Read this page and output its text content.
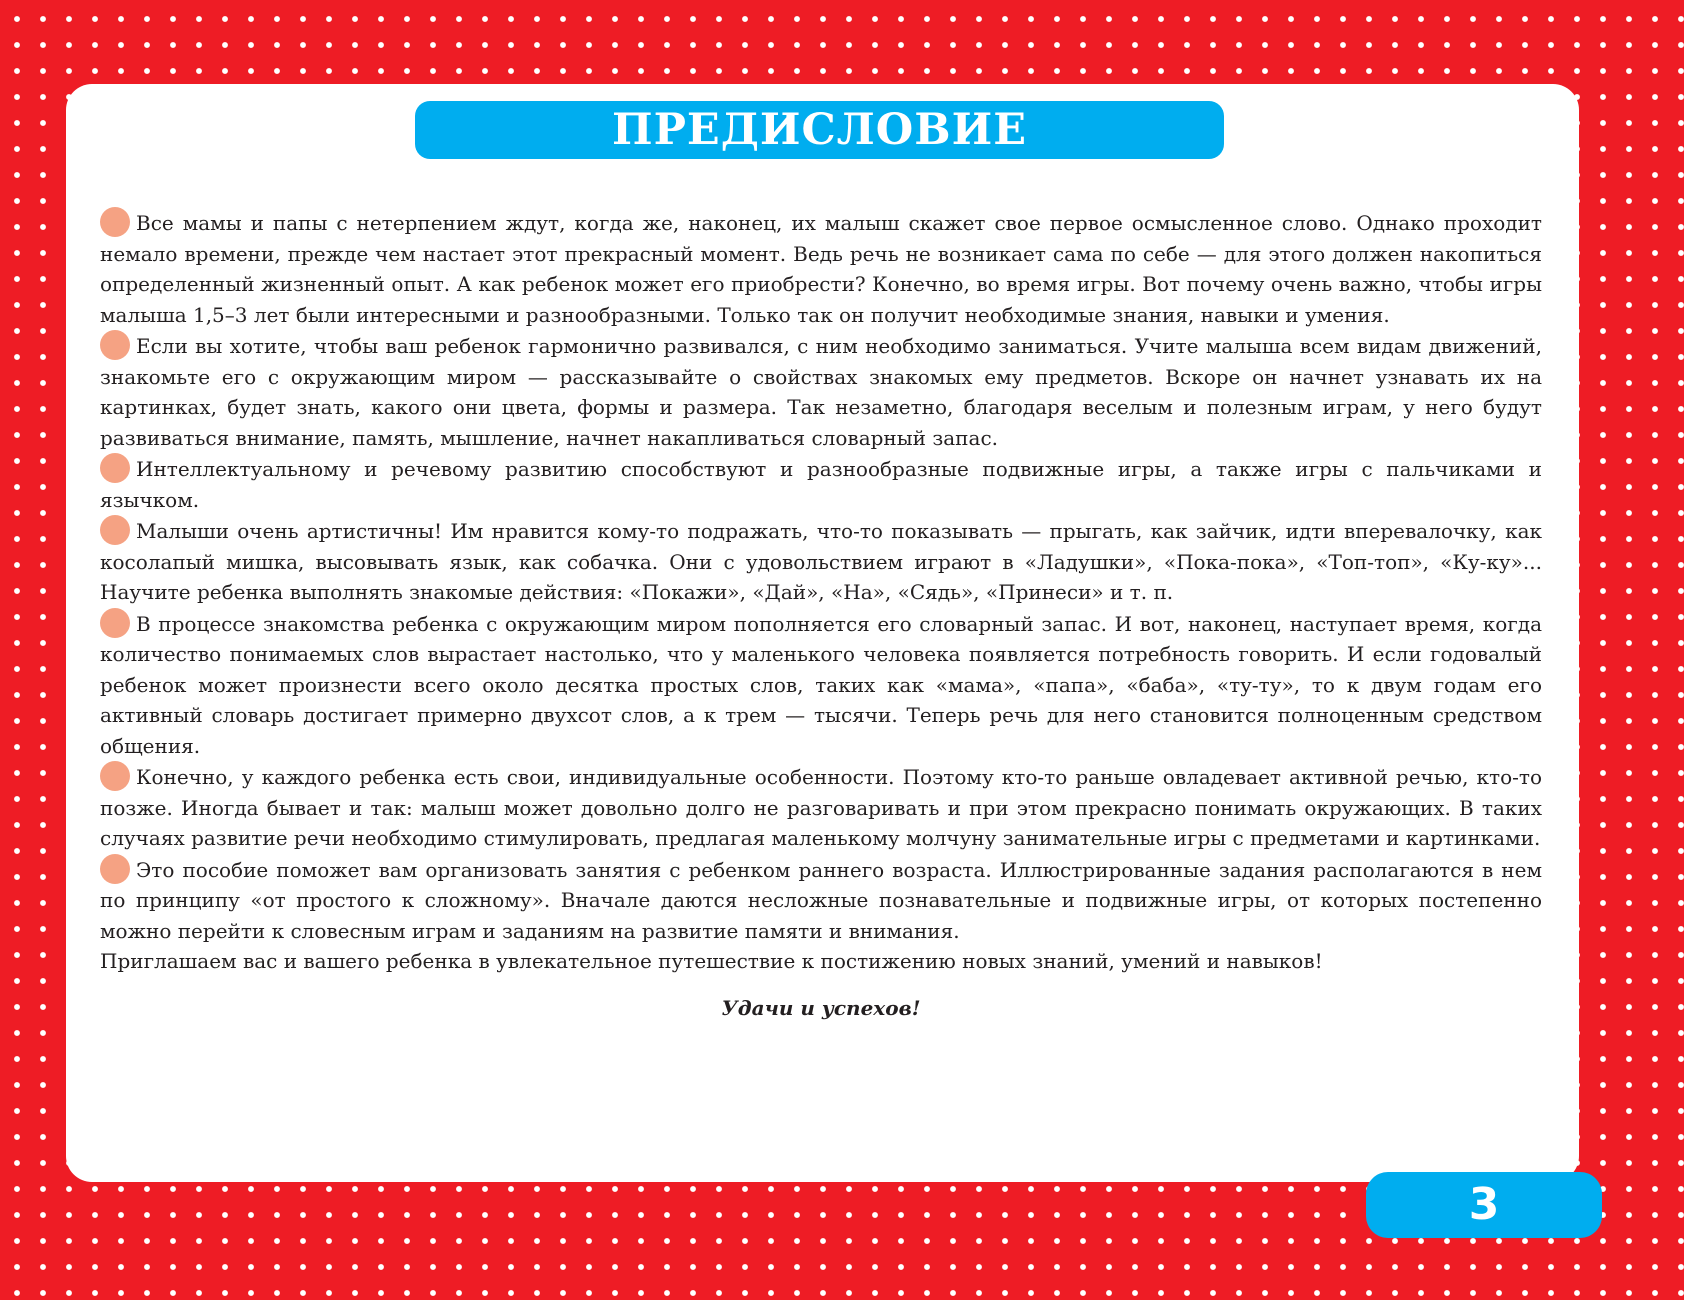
ПРЕДИСЛОВИЕ

Все мамы и папы с нетерпением ждут, когда же, наконец, их малыш скажет свое первое осмысленное слово. Однако проходит немало времени, прежде чем настает этот прекрасный момент. Ведь речь не возникает сама по себе — для этого должен накопиться определенный жизненный опыт. А как ребенок может его приобрести? Конечно, во время игры. Вот почему очень важно, чтобы игры малыша 1,5–3 лет были интересными и разнообразными. Только так он получит необходимые знания, навыки и умения.

Если вы хотите, чтобы ваш ребенок гармонично развивался, с ним необходимо заниматься. Учите малыша всем видам движений, знакомьте его с окружающим миром — рассказывайте о свойствах знакомых ему предметов. Вскоре он начнет узнавать их на картинках, будет знать, какого они цвета, формы и размера. Так незаметно, благодаря веселым и полезным играм, у него будут развиваться внимание, память, мышление, начнет накапливаться словарный запас.

Интеллектуальному и речевому развитию способствуют и разнообразные подвижные игры, а также игры с пальчиками и язычком.

Малыши очень артистичны! Им нравится кому-то подражать, что-то показывать — прыгать, как зайчик, идти вперевалочку, как косолапый мишка, высовывать язык, как собачка. Они с удовольствием играют в «Ладушки», «Пока-пока», «Топ-топ», «Ку-ку»... Научите ребенка выполнять знакомые действия: «Покажи», «Дай», «На», «Сядь», «Принеси» и т. п.

В процессе знакомства ребенка с окружающим миром пополняется его словарный запас. И вот, наконец, наступает время, когда количество понимаемых слов вырастает настолько, что у маленького человека появляется потребность говорить. И если годовалый ребенок может произнести всего около десятка простых слов, таких как «мама», «папа», «баба», «ту-ту», то к двум годам его активный словарь достигает примерно двухсот слов, а к трем — тысячи. Теперь речь для него становится полноценным средством общения.

Конечно, у каждого ребенка есть свои, индивидуальные особенности. Поэтому кто-то раньше овладевает активной речью, кто-то позже. Иногда бывает и так: малыш может довольно долго не разговаривать и при этом прекрасно понимать окружающих. В таких случаях развитие речи необходимо стимулировать, предлагая маленькому молчуну занимательные игры с предметами и картинками.

Это пособие поможет вам организовать занятия с ребенком раннего возраста. Иллюстрированные задания располагаются в нем по принципу «от простого к сложному». Вначале даются несложные познавательные и подвижные игры, от которых постепенно можно перейти к словесным играм и заданиям на развитие памяти и внимания.

Приглашаем вас и вашего ребенка в увлекательное путешествие к постижению новых знаний, умений и навыков!

Удачи и успехов!
3
